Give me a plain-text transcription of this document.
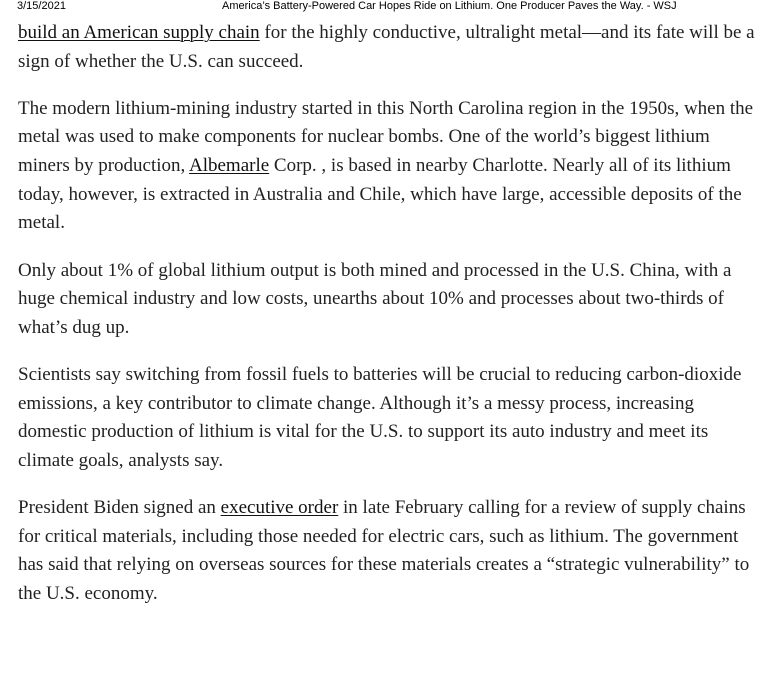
3/15/2021	America’s Battery-Powered Car Hopes Ride on Lithium. One Producer Paves the Way. - WSJ

build an American supply chain for the highly conductive, ultralight metal—and its fate will be a sign of whether the U.S. can succeed.

The modern lithium-mining industry started in this North Carolina region in the 1950s, when the metal was used to make components for nuclear bombs. One of the world’s biggest lithium miners by production, Albemarle Corp. , is based in nearby Charlotte. Nearly all of its lithium today, however, is extracted in Australia and Chile, which have large, accessible deposits of the metal.

Only about 1% of global lithium output is both mined and processed in the U.S. China, with a huge chemical industry and low costs, unearths about 10% and processes about two-thirds of what’s dug up.

Scientists say switching from fossil fuels to batteries will be crucial to reducing carbon-dioxide emissions, a key contributor to climate change. Although it’s a messy process, increasing domestic production of lithium is vital for the U.S. to support its auto industry and meet its climate goals, analysts say.

President Biden signed an executive order in late February calling for a review of supply chains for critical materials, including those needed for electric cars, such as lithium. The government has said that relying on overseas sources for these materials creates a “strategic vulnerability” to the U.S. economy.
